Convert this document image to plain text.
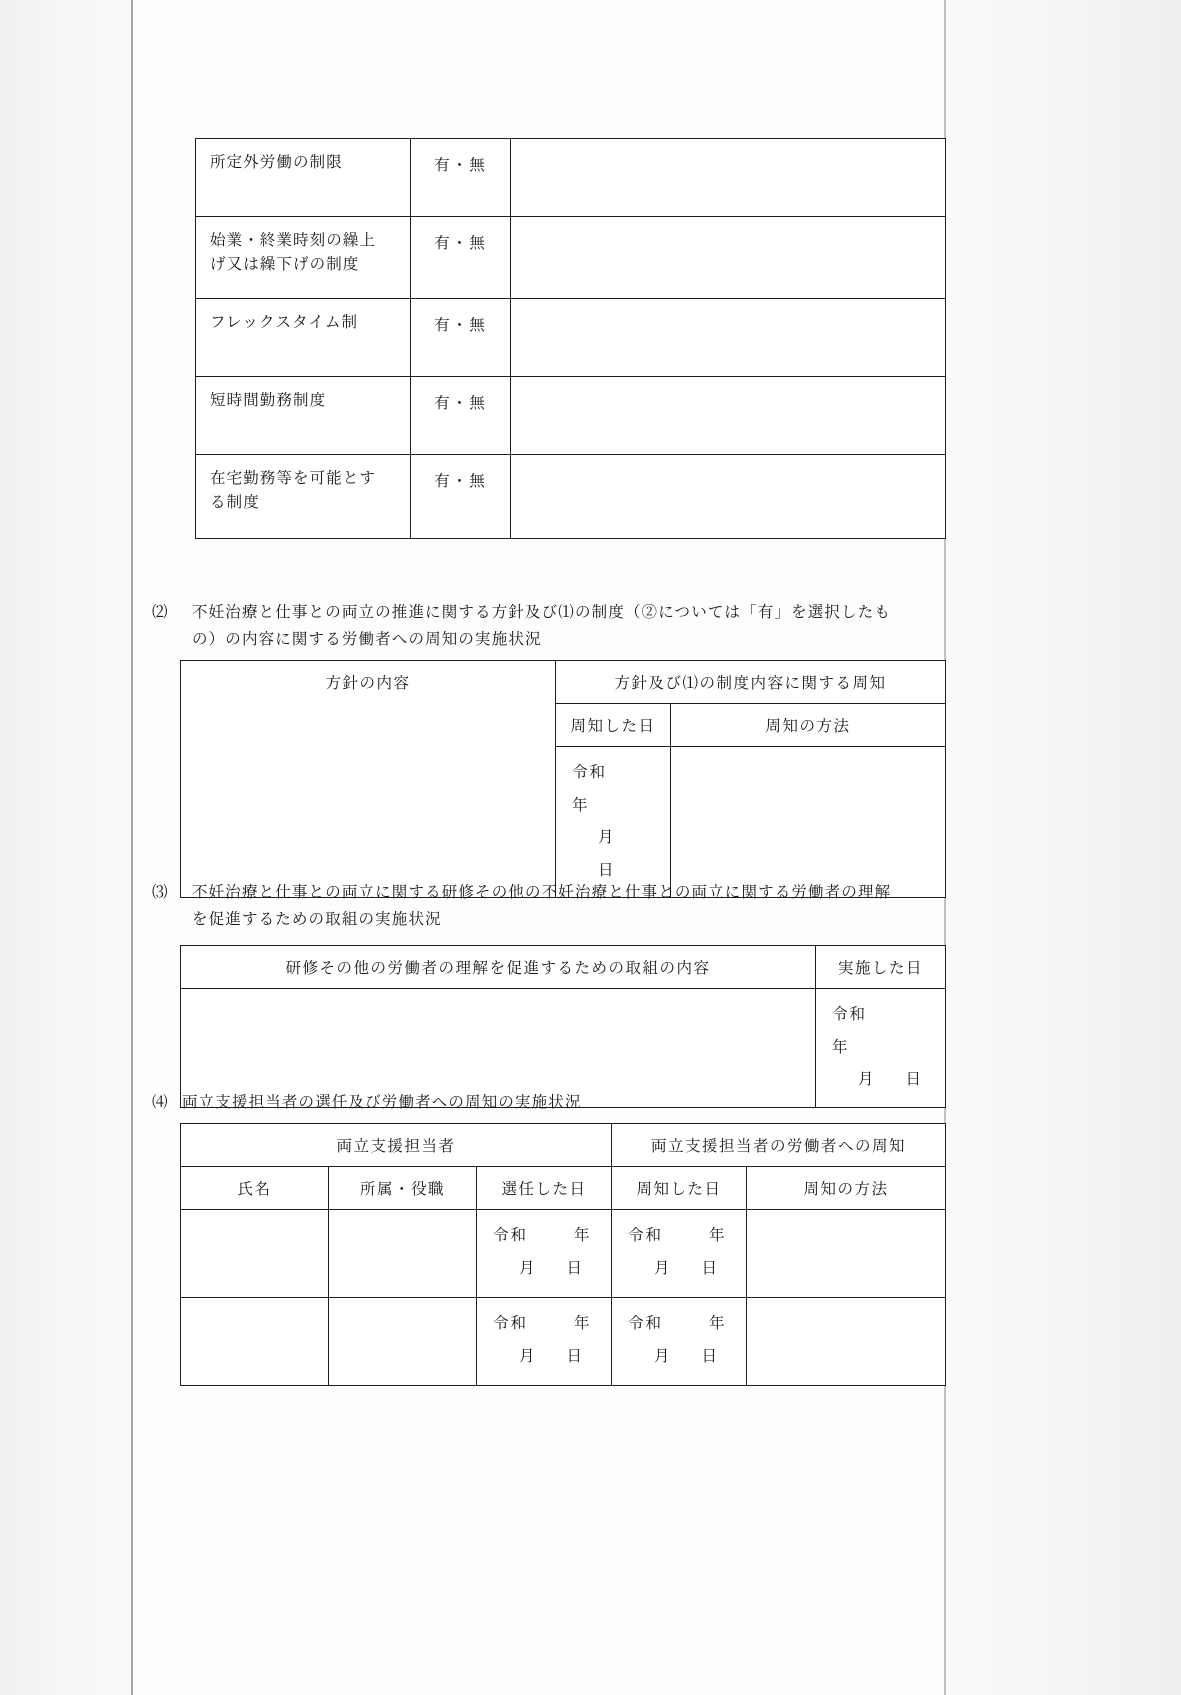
所定外労働の制限	有・無	

始業・終業時刻の繰上
げ又は繰下げの制度	有・無	

フレックスタイム制	有・無	

短時間勤務制度	有・無	

在宅勤務等を可能とす
る制度	有・無	

⑵	不妊治療と仕事との両立の推進に関する方針及び⑴の制度（②については「有」を選択したも
の）の内容に関する労働者への周知の実施状況
方針の内容	方針及び⑴の制度内容に関する周知	

	周知した日	周知の方法

	令和年
月日	

⑶	不妊治療と仕事との両立に関する研修その他の不妊治療と仕事との両立に関する労働者の理解
を促進するための取組の実施状況
研修その他の労働者の理解を促進するための取組の内容	実施した日

	令和年
月 日
⑷ 両立支援担当者の選任及び労働者への周知の実施状況
両立支援担当者			両立支援担当者の労働者への周知	

氏名	所属・役職	選任した日	周知した日	周知の方法

		令和 年
月 日	令和 年
月 日	

		令和 年
月 日	令和 年
月 日	
